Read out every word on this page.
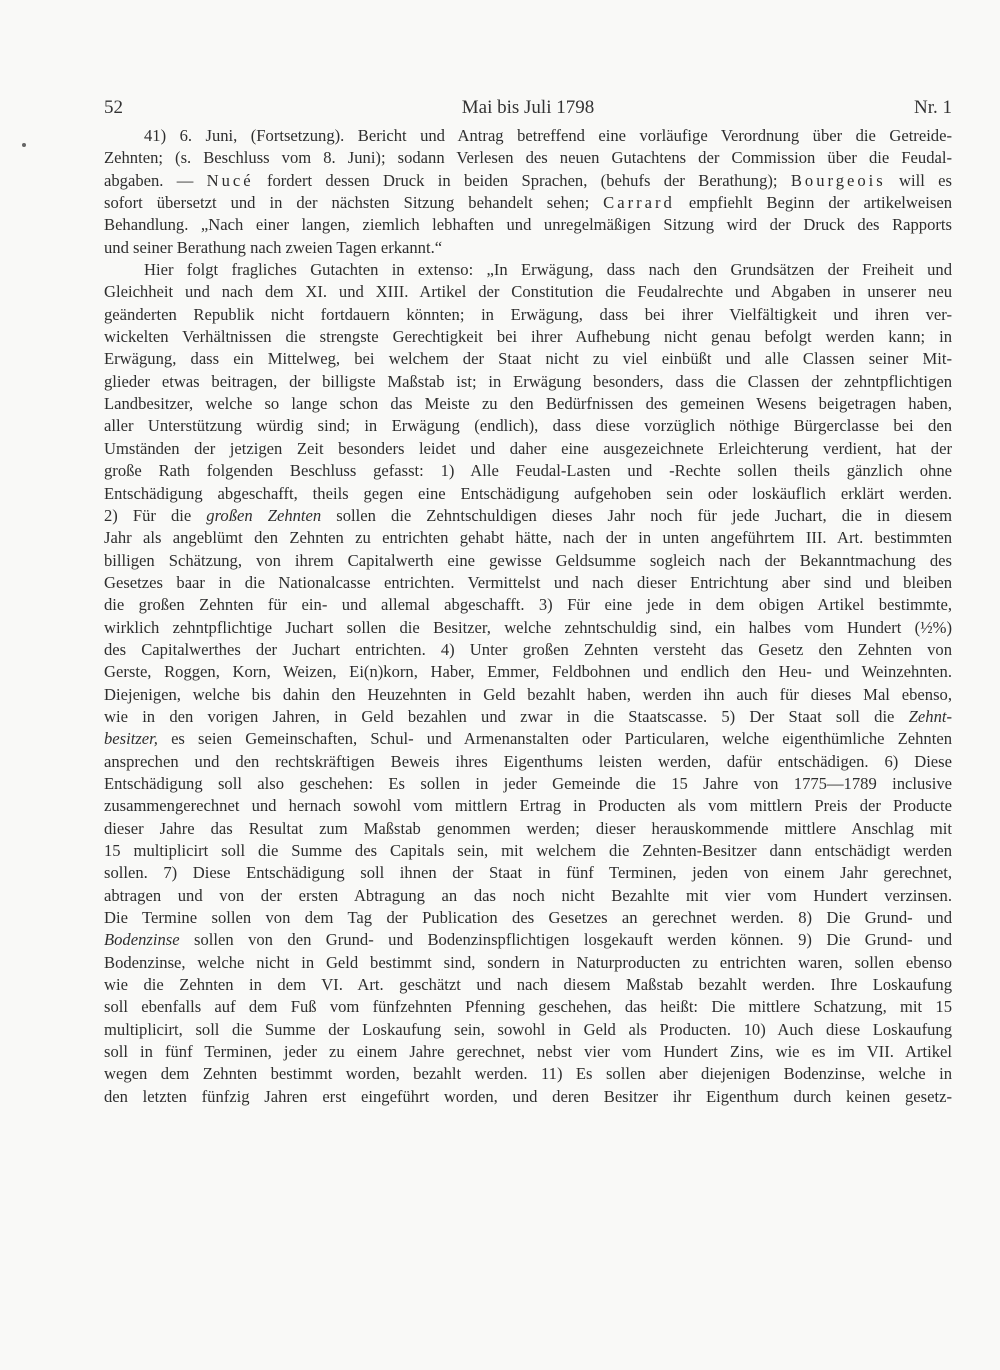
52	Mai bis Juli 1798	Nr. 1
41) 6. Juni, (Fortsetzung). Bericht und Antrag betreffend eine vorläufige Verordnung über die Getreide-
Zehnten; (s. Beschluss vom 8. Juni); sodann Verlesen des neuen Gutachtens der Commission über die Feudal-
abgaben. — Nucé fordert dessen Druck in beiden Sprachen, (behufs der Berathung); Bourgeois will es
sofort übersetzt und in der nächsten Sitzung behandelt sehen; Carrard empfiehlt Beginn der artikelweisen
Behandlung. „Nach einer langen, ziemlich lebhaften und unregelmäßigen Sitzung wird der Druck des Rapports
und seiner Berathung nach zweien Tagen erkannt.“
Hier folgt fragliches Gutachten in extenso: „In Erwägung, dass nach den Grundsätzen der Freiheit und
Gleichheit und nach dem XI. und XIII. Artikel der Constitution die Feudalrechte und Abgaben in unserer neu
geänderten Republik nicht fortdauern könnten; in Erwägung, dass bei ihrer Vielfältigkeit und ihren ver-
wickelten Verhältnissen die strengste Gerechtigkeit bei ihrer Aufhebung nicht genau befolgt werden kann; in
Erwägung, dass ein Mittelweg, bei welchem der Staat nicht zu viel einbüßt und alle Classen seiner Mit-
glieder etwas beitragen, der billigste Maßstab ist; in Erwägung besonders, dass die Classen der zehntpflichtigen
Landbesitzer, welche so lange schon das Meiste zu den Bedürfnissen des gemeinen Wesens beigetragen haben,
aller Unterstützung würdig sind; in Erwägung (endlich), dass diese vorzüglich nöthige Bürgerclasse bei den
Umständen der jetzigen Zeit besonders leidet und daher eine ausgezeichnete Erleichterung verdient, hat der
große Rath folgenden Beschluss gefasst: 1) Alle Feudal-Lasten und -Rechte sollen theils gänzlich ohne
Entschädigung abgeschafft, theils gegen eine Entschädigung aufgehoben sein oder loskäuflich erklärt werden.
2) Für die großen Zehnten sollen die Zehntschuldigen dieses Jahr noch für jede Juchart, die in diesem
Jahr als angeblümt den Zehnten zu entrichten gehabt hätte, nach der in unten angeführtem III. Art. bestimmten
billigen Schätzung, von ihrem Capitalwerth eine gewisse Geldsumme sogleich nach der Bekanntmachung des
Gesetzes baar in die Nationalcasse entrichten. Vermittelst und nach dieser Entrichtung aber sind und bleiben
die großen Zehnten für ein- und allemal abgeschafft. 3) Für eine jede in dem obigen Artikel bestimmte,
wirklich zehntpflichtige Juchart sollen die Besitzer, welche zehntschuldig sind, ein halbes vom Hundert (½%)
des Capitalwerthes der Juchart entrichten. 4) Unter großen Zehnten versteht das Gesetz den Zehnten von
Gerste, Roggen, Korn, Weizen, Ei(n)korn, Haber, Emmer, Feldbohnen und endlich den Heu- und Weinzehnten.
Diejenigen, welche bis dahin den Heuzehnten in Geld bezahlt haben, werden ihn auch für dieses Mal ebenso,
wie in den vorigen Jahren, in Geld bezahlen und zwar in die Staatscasse. 5) Der Staat soll die Zehnt-
besitzer, es seien Gemeinschaften, Schul- und Armenanstalten oder Particularen, welche eigenthümliche Zehnten
ansprechen und den rechtskräftigen Beweis ihres Eigenthums leisten werden, dafür entschädigen. 6) Diese
Entschädigung soll also geschehen: Es sollen in jeder Gemeinde die 15 Jahre von 1775—1789 inclusive
zusammengerechnet und hernach sowohl vom mittlern Ertrag in Producten als vom mittlern Preis der Producte
dieser Jahre das Resultat zum Maßstab genommen werden; dieser herauskommende mittlere Anschlag mit
15 multiplicirt soll die Summe des Capitals sein, mit welchem die Zehnten-Besitzer dann entschädigt werden
sollen. 7) Diese Entschädigung soll ihnen der Staat in fünf Terminen, jeden von einem Jahr gerechnet,
abtragen und von der ersten Abtragung an das noch nicht Bezahlte mit vier vom Hundert verzinsen.
Die Termine sollen von dem Tag der Publication des Gesetzes an gerechnet werden. 8) Die Grund- und
Bodenzinse sollen von den Grund- und Bodenzinspflichtigen losgekauft werden können. 9) Die Grund- und
Bodenzinse, welche nicht in Geld bestimmt sind, sondern in Naturproducten zu entrichten waren, sollen ebenso
wie die Zehnten in dem VI. Art. geschätzt und nach diesem Maßstab bezahlt werden. Ihre Loskaufung
soll ebenfalls auf dem Fuß vom fünfzehnten Pfenning geschehen, das heißt: Die mittlere Schatzung, mit 15
multiplicirt, soll die Summe der Loskaufung sein, sowohl in Geld als Producten. 10) Auch diese Loskaufung
soll in fünf Terminen, jeder zu einem Jahre gerechnet, nebst vier vom Hundert Zins, wie es im VII. Artikel
wegen dem Zehnten bestimmt worden, bezahlt werden. 11) Es sollen aber diejenigen Bodenzinse, welche in
den letzten fünfzig Jahren erst eingeführt worden, und deren Besitzer ihr Eigenthum durch keinen gesetz-
